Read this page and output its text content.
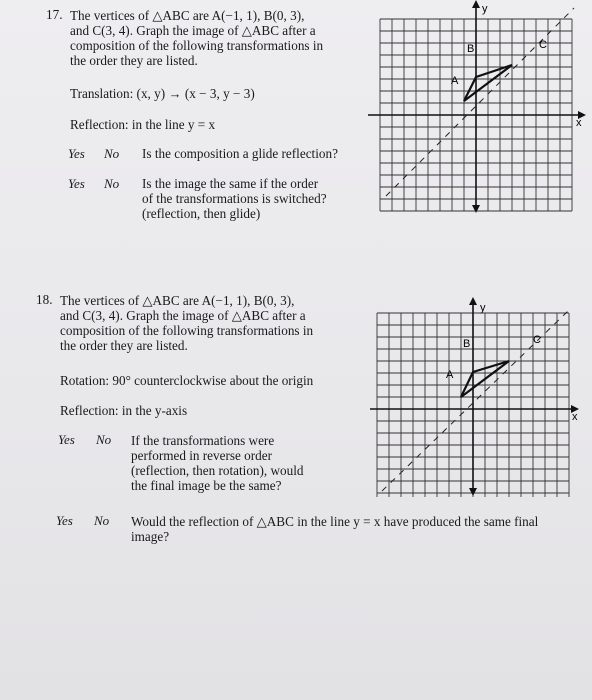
17. The vertices of △ABC are A(−1, 1), B(0, 3),
and C(3, 4). Graph the image of △ABC after a
composition of the following transformations in
the order they are listed.
Translation: (x, y) → (x − 3, y − 3)
Reflection: in the line y = x
Yes No Is the composition a glide reflection?
Yes No Is the image the same if the order
of the transformations is switched?
(reflection, then glide)
y
x
A
B	C
18. The vertices of △ABC are A(−1, 1), B(0, 3),
and C(3, 4). Graph the image of △ABC after a
composition of the following transformations in
the order they are listed.
Rotation: 90° counterclockwise about the origin
Reflection: in the y-axis
Yes No If the transformations were
performed in reverse order
(reflection, then rotation), would
the final image be the same?
Yes No Would the reflection of △ABC in the line y = x have produced the same final
image?
y
x
A
B	C
